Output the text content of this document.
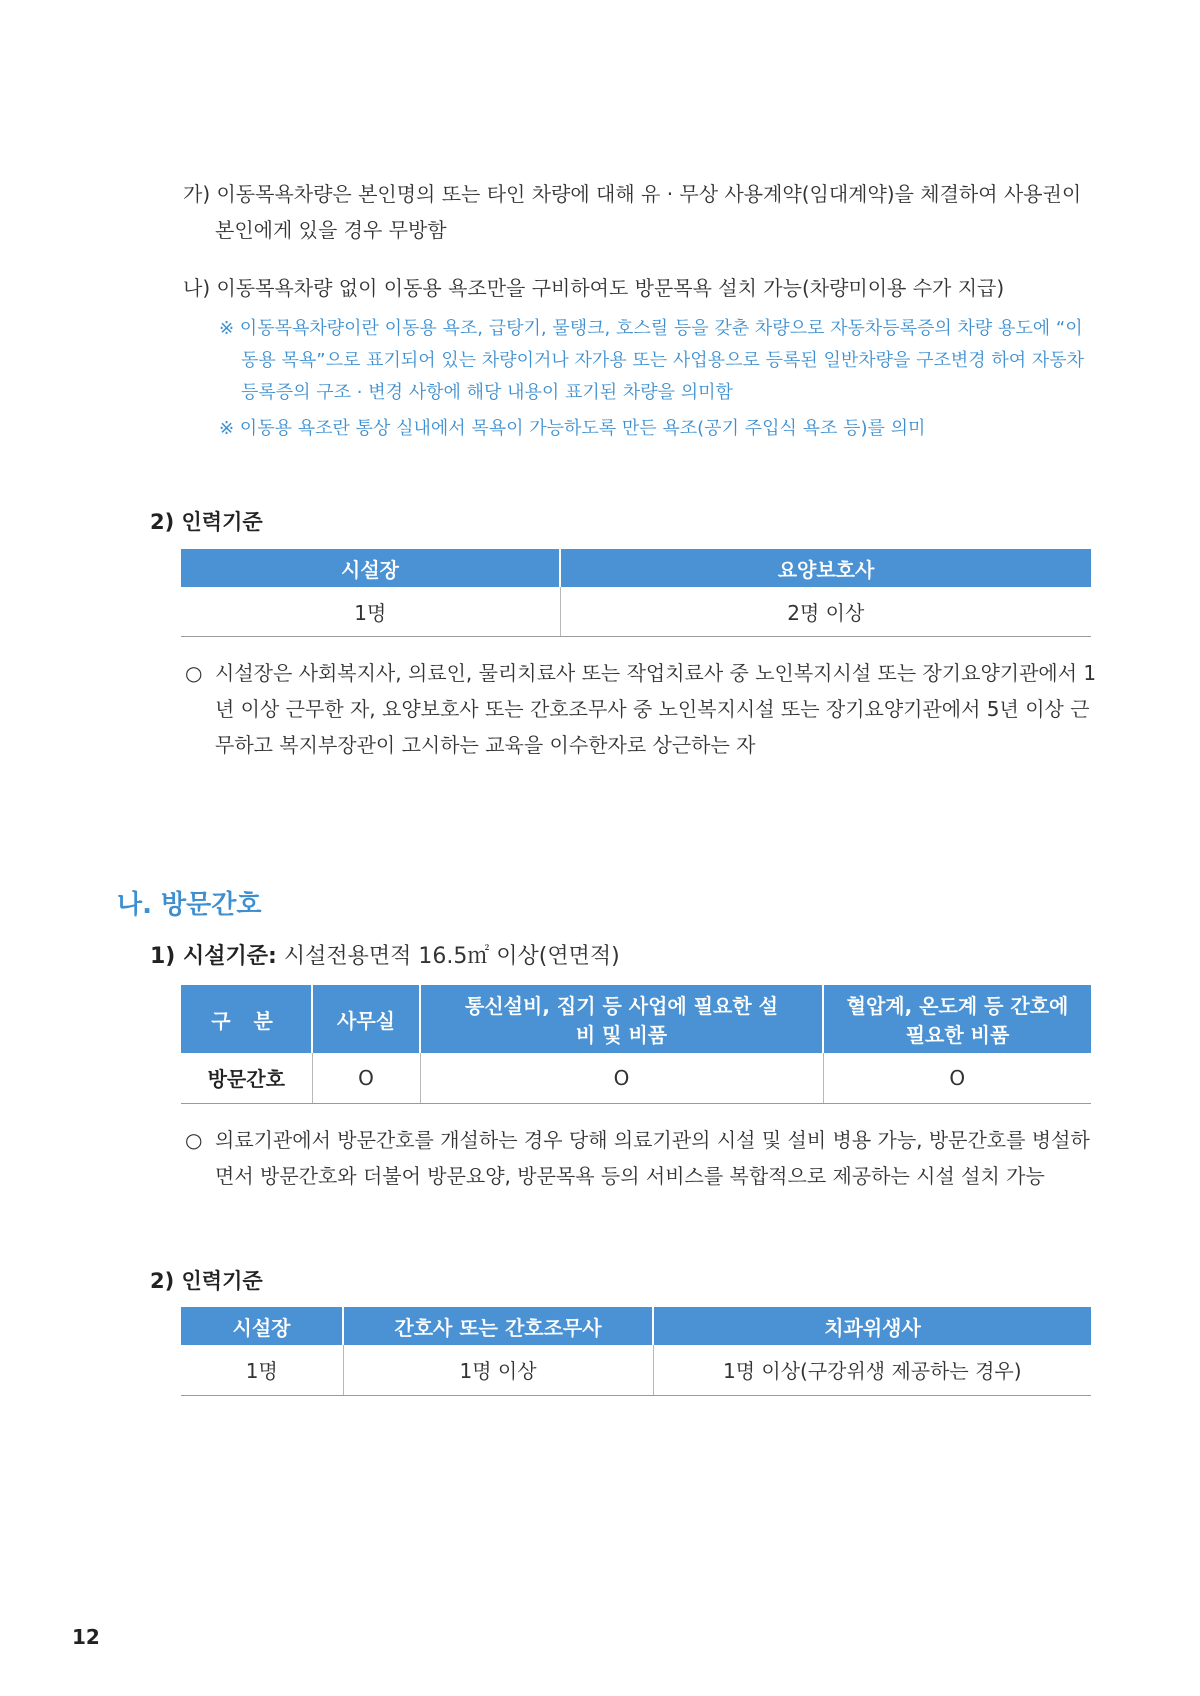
가) 이동목욕차량은 본인명의 또는 타인 차량에 대해 유 · 무상 사용계약(임대계약)을 체결하여 사용권이
본인에게 있을 경우 무방함
나) 이동목욕차량 없이 이동용 욕조만을 구비하여도 방문목욕 설치 가능(차량미이용 수가 지급)
※ 이동목욕차량이란 이동용 욕조, 급탕기, 물탱크, 호스릴 등을 갖춘 차량으로 자동차등록증의 차량 용도에 “이
동용 목욕”으로 표기되어 있는 차량이거나 자가용 또는 사업용으로 등록된 일반차량을 구조변경 하여 자동차
등록증의 구조 · 변경 사항에 해당 내용이 표기된 차량을 의미함
※ 이동용 욕조란 통상 실내에서 목욕이 가능하도록 만든 욕조(공기 주입식 욕조 등)를 의미
2) 인력기준
시설장	요양보호사
1명	2명 이상
○ 시설장은 사회복지사, 의료인, 물리치료사 또는 작업치료사 중 노인복지시설 또는 장기요양기관에서 1
년 이상 근무한 자, 요양보호사 또는 간호조무사 중 노인복지시설 또는 장기요양기관에서 5년 이상 근
무하고 복지부장관이 고시하는 교육을 이수한자로 상근하는 자
나. 방문간호
1) 시설기준: 시설전용면적 16.5㎡ 이상(연면적)
구 분	사무실	통신설비, 집기 등 사업에 필요한 설비 및 비품	혈압계, 온도계 등 간호에 필요한 비품
방문간호	O	O	O
○ 의료기관에서 방문간호를 개설하는 경우 당해 의료기관의 시설 및 설비 병용 가능, 방문간호를 병설하
면서 방문간호와 더불어 방문요양, 방문목욕 등의 서비스를 복합적으로 제공하는 시설 설치 가능
2) 인력기준
시설장	간호사 또는 간호조무사	치과위생사
1명	1명 이상	1명 이상(구강위생 제공하는 경우)
12
